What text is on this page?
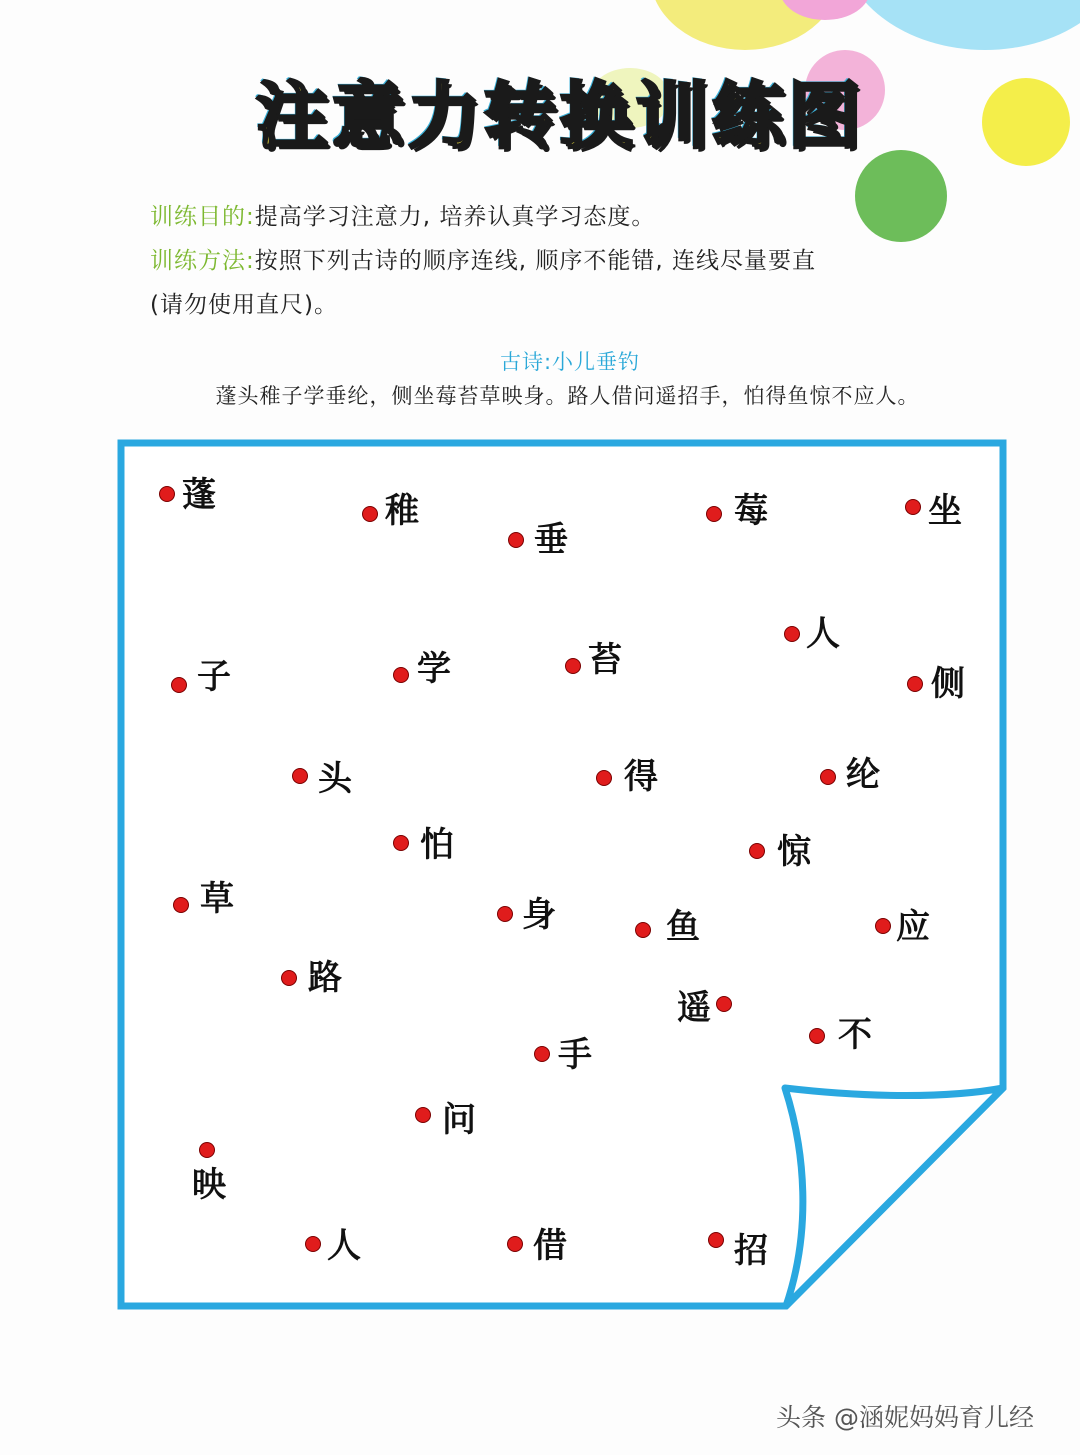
注意力转换训练图
训练目的:提高学习注意力, 培养认真学习态度。
训练方法:按照下列古诗的顺序连线, 顺序不能错, 连线尽量要直
(请勿使用直尺)。
古诗:小儿垂钓
蓬头稚子学垂纶，侧坐莓苔草映身。路人借问遥招手，怕得鱼惊不应人。
蓬	稚
垂
莓	坐
人
子	学	苔
侧
头	得	纶
怕	惊
草	身	鱼	应
路
遥
不
手
问
映
人	借	招
头条 @涵妮妈妈育儿经
